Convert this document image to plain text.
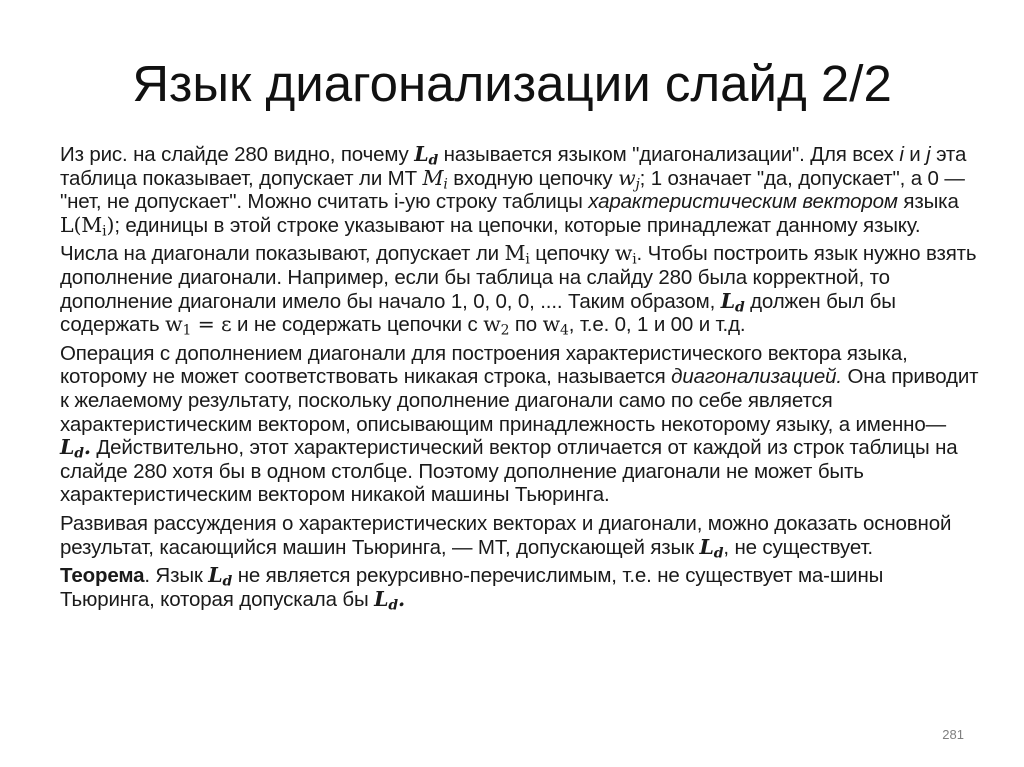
Язык диагонализации слайд 2/2

Из рис. на слайде 280 видно, почему $L_d$ называется языком "диагонализации". Для всех i и j эта таблица показывает, допускает ли МТ $M_i$ входную цепочку $w_j$; 1 означает "да, допускает", а 0 — "нет, не допускает". Можно считать i-ую строку таблицы характеристическим вектором языка $L(M_i)$; единицы в этой строке указывают на цепочки, которые принадлежат данному языку.

Числа на диагонали показывают, допускает ли $M_i$ цепочку $w_i$. Чтобы построить язык нужно взять дополнение диагонали. Например, если бы таблица на слайду 280 была корректной, то дополнение диагонали имело бы начало 1, 0, 0, 0, .... Таким образом, $L_d$ должен был бы содержать $w_1 = \varepsilon$ и не содержать цепочки с $w_2$ по $w_4$, т.е. 0, 1 и 00 и т.д.

Операция с дополнением диагонали для построения характеристического вектора языка, которому не может соответствовать никакая строка, называется диагонализацией. Она приводит к желаемому результату, поскольку дополнение диагонали само по себе является характеристическим вектором, описывающим принадлежность некоторому языку, а именно— $L_d$. Действительно, этот характеристический вектор отличается от каждой из строк таблицы на слайде 280 хотя бы в одном столбце. Поэтому дополнение диагонали не может быть характеристическим вектором никакой машины Тьюринга.

Развивая рассуждения о характеристических векторах и диагонали, можно доказать основной результат, касающийся машин Тьюринга, — МТ, допускающей язык $L_d$, не существует.

Теорема. Язык $L_d$ не является рекурсивно-перечислимым, т.е. не существует ма-шины Тьюринга, которая допускала бы $L_d$.

281
